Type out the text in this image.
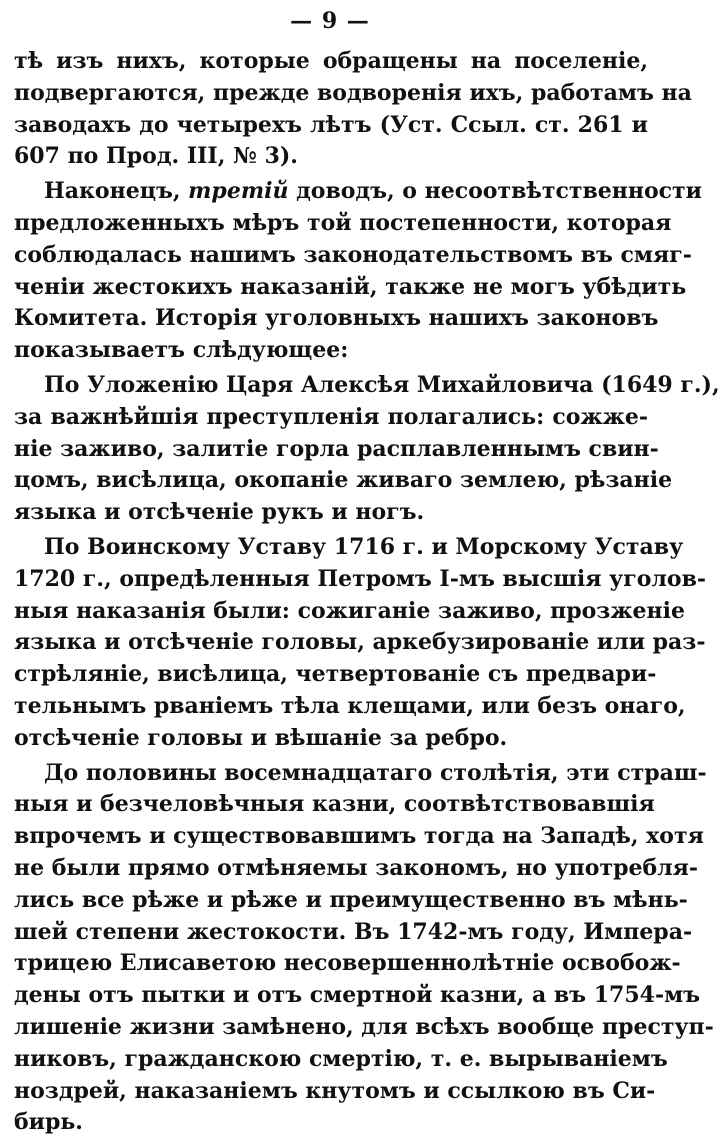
— 9 —
тѣ изъ нихъ, которые обращены на поселеніе,
подвергаются, прежде водворенія ихъ, работамъ на
заводахъ до четырехъ лѣтъ (Уст. Ссыл. ст. 261 и
607 по Прод. III, № 3).
Наконецъ, третій доводъ, о несоотвѣтственности
предложенныхъ мѣръ той постепенности, которая
соблюдалась нашимъ законодательствомъ въ смяг-
ченіи жестокихъ наказаній, также не могъ убѣдить
Комитета. Исторія уголовныхъ нашихъ законовъ
показываетъ слѣдующее:
По Уложенію Царя Алексѣя Михайловича (1649 г.),
за важнѣйшія преступленія полагались: сожже-
ніе заживо, залитіе горла расплавленнымъ свин-
цомъ, висѣлица, окопаніе живаго землею, рѣзаніе
языка и отсѣченіе рукъ и ногъ.
По Воинскому Уставу 1716 г. и Морскому Уставу
1720 г., опредѣленныя Петромъ І-мъ высшія уголов-
ныя наказанія были: сожиганіе заживо, прозженіе
языка и отсѣченіе головы, аркебузированіе или раз-
стрѣляніе, висѣлица, четвертованіе съ предвари-
тельнымъ рваніемъ тѣла клещами, или безъ онаго,
отсѣченіе головы и вѣшаніе за ребро.
До половины восемнадцатаго столѣтія, эти страш-
ныя и безчеловѣчныя казни, соотвѣтствовавшія
впрочемъ и существовавшимъ тогда на Западѣ, хотя
не были прямо отмѣняемы закономъ, но употребля-
лись все рѣже и рѣже и преимущественно въ мѣнь-
шей степени жестокости. Въ 1742-мъ году, Импера-
трицею Елисаветою несовершеннолѣтніе освобож-
дены отъ пытки и отъ смертной казни, а въ 1754-мъ
лишеніе жизни замѣнено, для всѣхъ вообще преступ-
никовъ, гражданскою смертію, т. е. вырываніемъ
ноздрей, наказаніемъ кнутомъ и ссылкою въ Си-
бирь.
